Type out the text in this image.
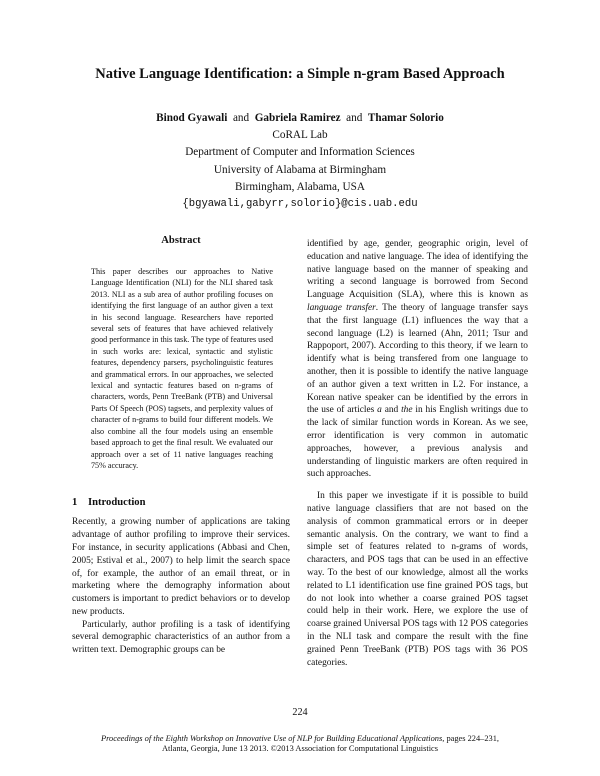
Native Language Identification: a Simple n-gram Based Approach
Binod Gyawali and Gabriela Ramirez and Thamar Solorio
CoRAL Lab
Department of Computer and Information Sciences
University of Alabama at Birmingham
Birmingham, Alabama, USA
{bgyawali,gabyrr,solorio}@cis.uab.edu
Abstract

This paper describes our approaches to Native Language Identification (NLI) for the NLI shared task 2013. NLI as a sub area of author profiling focuses on identifying the first language of an author given a text in his second language. Researchers have reported several sets of features that have achieved relatively good performance in this task. The type of features used in such works are: lexical, syntactic and stylistic features, dependency parsers, psycholinguistic features and grammatical errors. In our approaches, we selected lexical and syntactic features based on n-grams of characters, words, Penn TreeBank (PTB) and Universal Parts Of Speech (POS) tagsets, and perplexity values of character of n-grams to build four different models. We also combine all the four models using an ensemble based approach to get the final result. We evaluated our approach over a set of 11 native languages reaching 75% accuracy.

1 Introduction

Recently, a growing number of applications are taking advantage of author profiling to improve their services. For instance, in security applications (Abbasi and Chen, 2005; Estival et al., 2007) to help limit the search space of, for example, the author of an email threat, or in marketing where the demography information about customers is important to predict behaviors or to develop new products.

Particularly, author profiling is a task of identifying several demographic characteristics of an author from a written text. Demographic groups can be

identified by age, gender, geographic origin, level of education and native language. The idea of identifying the native language based on the manner of speaking and writing a second language is borrowed from Second Language Acquisition (SLA), where this is known as language transfer. The theory of language transfer says that the first language (L1) influences the way that a second language (L2) is learned (Ahn, 2011; Tsur and Rappoport, 2007). According to this theory, if we learn to identify what is being transfered from one language to another, then it is possible to identify the native language of an author given a text written in L2. For instance, a Korean native speaker can be identified by the errors in the use of articles a and the in his English writings due to the lack of similar function words in Korean. As we see, error identification is very common in automatic approaches, however, a previous analysis and understanding of linguistic markers are often required in such approaches.

In this paper we investigate if it is possible to build native language classifiers that are not based on the analysis of common grammatical errors or in deeper semantic analysis. On the contrary, we want to find a simple set of features related to n-grams of words, characters, and POS tags that can be used in an effective way. To the best of our knowledge, almost all the works related to L1 identification use fine grained POS tags, but do not look into whether a coarse grained POS tagset could help in their work. Here, we explore the use of coarse grained Universal POS tags with 12 POS categories in the NLI task and compare the result with the fine grained Penn TreeBank (PTB) POS tags with 36 POS categories.

224
Proceedings of the Eighth Workshop on Innovative Use of NLP for Building Educational Applications, pages 224–231,
Atlanta, Georgia, June 13 2013. ©2013 Association for Computational Linguistics
